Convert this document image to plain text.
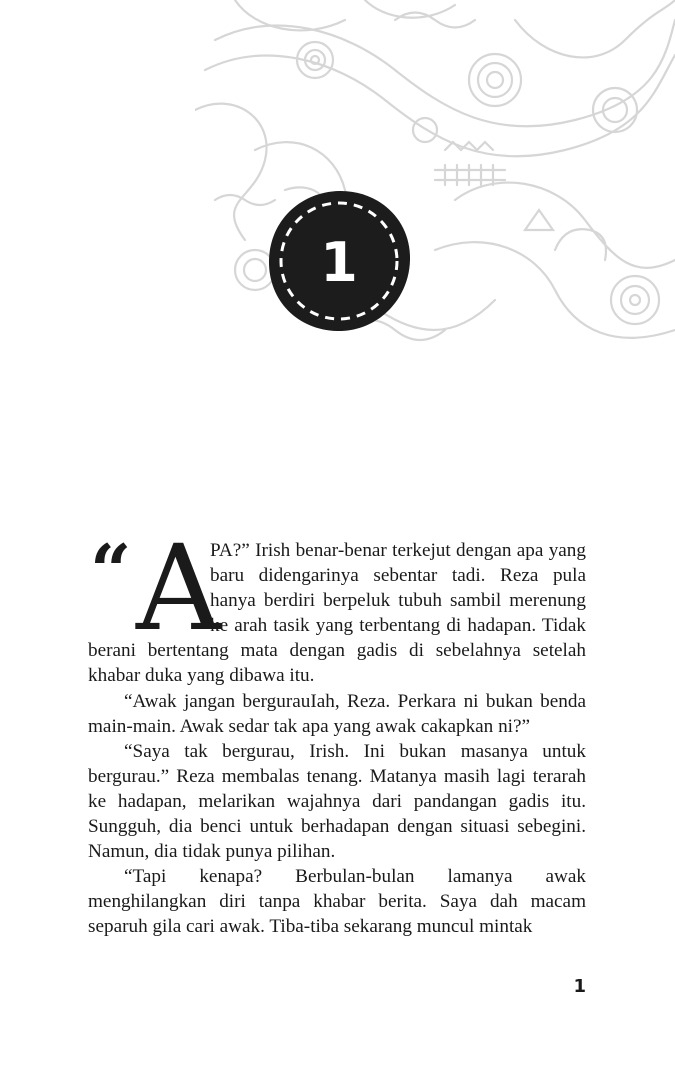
1
“ A

PA?” Irish benar-benar terkejut dengan apa yang baru didengarinya sebentar tadi. Reza pula hanya berdiri berpeluk tubuh sambil merenung ke arah tasik yang terbentang di hadapan. Tidak berani bertentang mata dengan gadis di sebelahnya setelah khabar duka yang dibawa itu.

“Awak jangan bergurauIah, Reza. Perkara ni bukan benda main-main. Awak sedar tak apa yang awak cakapkan ni?”

“Saya tak bergurau, Irish. Ini bukan masanya untuk bergurau.” Reza membalas tenang. Matanya masih lagi terarah ke hadapan, melarikan wajahnya dari pandangan gadis itu. Sungguh, dia benci untuk berhadapan dengan situasi sebegini. Namun, dia tidak punya pilihan.

“Tapi kenapa? Berbulan-bulan lamanya awak menghilangkan diri tanpa khabar berita. Saya dah macam separuh gila cari awak. Tiba-tiba sekarang muncul mintak

1
